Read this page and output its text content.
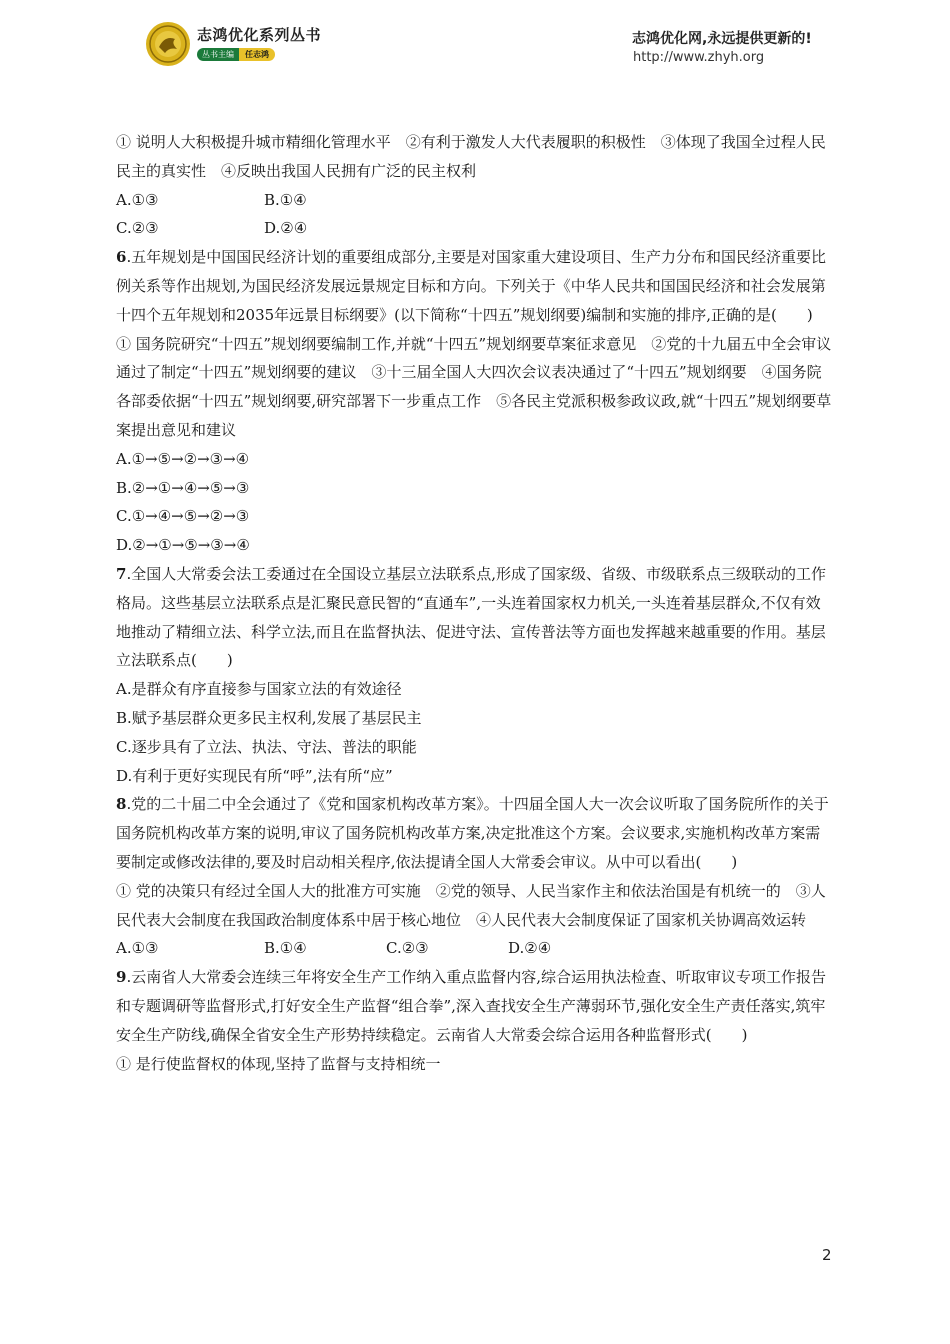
志鸿优化系列丛书
丛书主编	任志鸿
志鸿优化网,永远提供更新的!
http://www.zhyh.org

① 说明人大积极提升城市精细化管理水平　②有利于激发人大代表履职的积极性　③体现了我国全过程人民民主的真实性　④反映出我国人民拥有广泛的民主权利

A.①③	B.①④
C.②③	D.②④

6.五年规划是中国国民经济计划的重要组成部分,主要是对国家重大建设项目、生产力分布和国民经济重要比例关系等作出规划,为国民经济发展远景规定目标和方向。下列关于《中华人民共和国国民经济和社会发展第十四个五年规划和2035年远景目标纲要》(以下简称“十四五”规划纲要)编制和实施的排序,正确的是(　　)

① 国务院研究“十四五”规划纲要编制工作,并就“十四五”规划纲要草案征求意见　②党的十九届五中全会审议通过了制定“十四五”规划纲要的建议　③十三届全国人大四次会议表决通过了“十四五”规划纲要　④国务院各部委依据“十四五”规划纲要,研究部署下一步重点工作　⑤各民主党派积极参政议政,就“十四五”规划纲要草案提出意见和建议

A.①→⑤→②→③→④

B.②→①→④→⑤→③

C.①→④→⑤→②→③

D.②→①→⑤→③→④

7.全国人大常委会法工委通过在全国设立基层立法联系点,形成了国家级、省级、市级联系点三级联动的工作格局。这些基层立法联系点是汇聚民意民智的“直通车”,一头连着国家权力机关,一头连着基层群众,不仅有效地推动了精细立法、科学立法,而且在监督执法、促进守法、宣传普法等方面也发挥越来越重要的作用。基层立法联系点(　　)

A.是群众有序直接参与国家立法的有效途径

B.赋予基层群众更多民主权利,发展了基层民主

C.逐步具有了立法、执法、守法、普法的职能

D.有利于更好实现民有所“呼”,法有所“应”

8.党的二十届二中全会通过了《党和国家机构改革方案》。十四届全国人大一次会议听取了国务院所作的关于国务院机构改革方案的说明,审议了国务院机构改革方案,决定批准这个方案。会议要求,实施机构改革方案需要制定或修改法律的,要及时启动相关程序,依法提请全国人大常委会审议。从中可以看出(　　)

① 党的决策只有经过全国人大的批准方可实施　②党的领导、人民当家作主和依法治国是有机统一的　③人民代表大会制度在我国政治制度体系中居于核心地位　④人民代表大会制度保证了国家机关协调高效运转

A.①③	B.①④	C.②③	D.②④

9.云南省人大常委会连续三年将安全生产工作纳入重点监督内容,综合运用执法检查、听取审议专项工作报告和专题调研等监督形式,打好安全生产监督“组合拳”,深入查找安全生产薄弱环节,强化安全生产责任落实,筑牢安全生产防线,确保全省安全生产形势持续稳定。云南省人大常委会综合运用各种监督形式(　　)

① 是行使监督权的体现,坚持了监督与支持相统一

2
